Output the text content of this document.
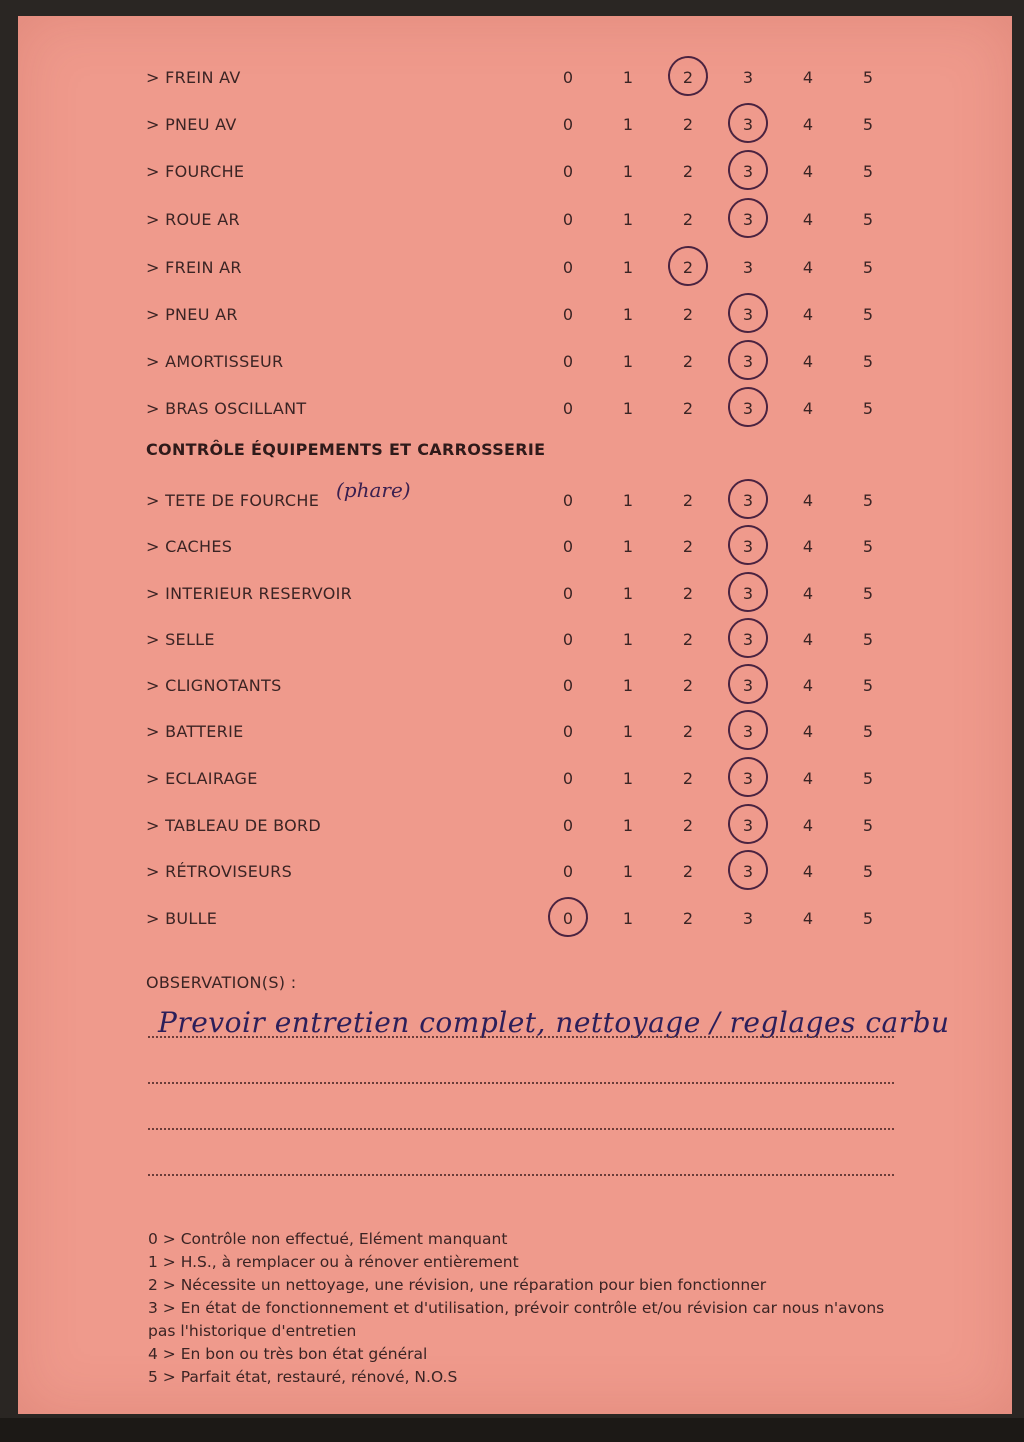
> FREIN AV	0	1	2	3	4	5
> PNEU AV	0	1	2	3	4	5
> FOURCHE	0	1	2	3	4	5
> ROUE AR	0	1	2	3	4	5
> FREIN AR	0	1	2	3	4	5
> PNEU AR	0	1	2	3	4	5
> AMORTISSEUR	0	1	2	3	4	5
> BRAS OSCILLANT	0	1	2	3	4	5
> TETE DE FOURCHE	0	1	2	3	4	5
> CACHES	0	1	2	3	4	5
> INTERIEUR RESERVOIR	0	1	2	3	4	5
> SELLE	0	1	2	3	4	5
> CLIGNOTANTS	0	1	2	3	4	5
> BATTERIE	0	1	2	3	4	5
> ECLAIRAGE	0	1	2	3	4	5
> TABLEAU DE BORD	0	1	2	3	4	5
> RÉTROVISEURS	0	1	2	3	4	5
> BULLE	0	1	2	3	4	5
CONTRÔLE ÉQUIPEMENTS ET CARROSSERIE
(phare)
OBSERVATION(S) :
Prevoir entretien complet, nettoyage / reglages carbu
0 > Contrôle non effectué, Elément manquant
1 > H.S., à remplacer ou à rénover entièrement
2 > Nécessite un nettoyage, une révision, une réparation pour bien fonctionner
3 > En état de fonctionnement et d'utilisation, prévoir contrôle et/ou révision car nous n'avons pas l'historique d'entretien
4 > En bon ou très bon état général
5 > Parfait état, restauré, rénové, N.O.S
